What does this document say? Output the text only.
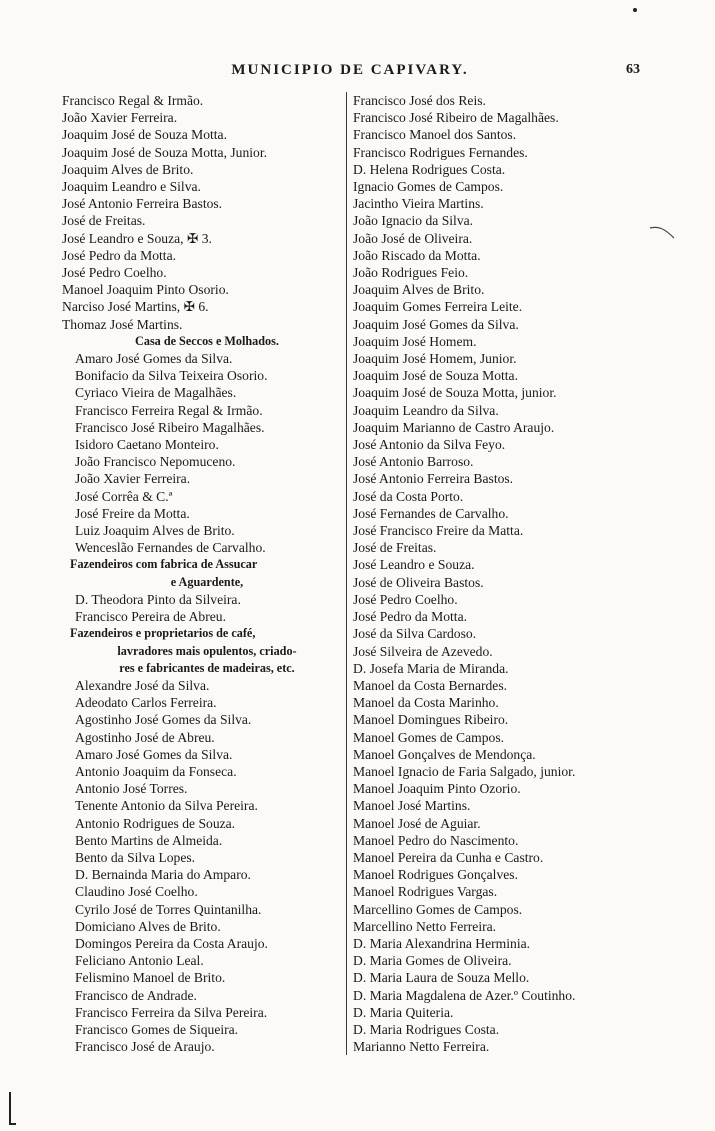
MUNICIPIO DE CAPIVARY.	63
Francisco Regal & Irmão.
João Xavier Ferreira.
Joaquim José de Souza Motta.
Joaquim José de Souza Motta, Junior.
Joaquim Alves de Brito.
Joaquim Leandro e Silva.
José Antonio Ferreira Bastos.
José de Freitas.
José Leandro e Souza, ✠ 3.
José Pedro da Motta.
José Pedro Coelho.
Manoel Joaquim Pinto Osorio.
Narciso José Martins, ✠ 6.
Thomaz José Martins.
Casa de Seccos e Molhados.
Amaro José Gomes da Silva.
Bonifacio da Silva Teixeira Osorio.
Cyriaco Vieira de Magalhães.
Francisco Ferreira Regal & Irmão.
Francisco José Ribeiro Magalhães.
Isidoro Caetano Monteiro.
João Francisco Nepomuceno.
João Xavier Ferreira.
José Corrêa & C.ª
José Freire da Motta.
Luiz Joaquim Alves de Brito.
Wenceslão Fernandes de Carvalho.
Fazendeiros com fabrica de Assucar
e Aguardente,
D. Theodora Pinto da Silveira.
Francisco Pereira de Abreu.
Fazendeiros e proprietarios de café,
lavradores mais opulentos, criado-
res e fabricantes de madeiras, etc.
Alexandre José da Silva.
Adeodato Carlos Ferreira.
Agostinho José Gomes da Silva.
Agostinho José de Abreu.
Amaro José Gomes da Silva.
Antonio Joaquim da Fonseca.
Antonio José Torres.
Tenente Antonio da Silva Pereira.
Antonio Rodrigues de Souza.
Bento Martins de Almeida.
Bento da Silva Lopes.
D. Bernainda Maria do Amparo.
Claudino José Coelho.
Cyrilo José de Torres Quintanilha.
Domiciano Alves de Brito.
Domingos Pereira da Costa Araujo.
Feliciano Antonio Leal.
Felismino Manoel de Brito.
Francisco de Andrade.
Francisco Ferreira da Silva Pereira.
Francisco Gomes de Siqueira.
Francisco José de Araujo.
Francisco José dos Reis.
Francisco José Ribeiro de Magalhães.
Francisco Manoel dos Santos.
Francisco Rodrigues Fernandes.
D. Helena Rodrigues Costa.
Ignacio Gomes de Campos.
Jacintho Vieira Martins.
João Ignacio da Silva.
João José de Oliveira.
João Riscado da Motta.
João Rodrigues Feio.
Joaquim Alves de Brito.
Joaquim Gomes Ferreira Leite.
Joaquim José Gomes da Silva.
Joaquim José Homem.
Joaquim José Homem, Junior.
Joaquim José de Souza Motta.
Joaquim José de Souza Motta, junior.
Joaquim Leandro da Silva.
Joaquim Marianno de Castro Araujo.
José Antonio da Silva Feyo.
José Antonio Barroso.
José Antonio Ferreira Bastos.
José da Costa Porto.
José Fernandes de Carvalho.
José Francisco Freire da Matta.
José de Freitas.
José Leandro e Souza.
José de Oliveira Bastos.
José Pedro Coelho.
José Pedro da Motta.
José da Silva Cardoso.
José Silveira de Azevedo.
D. Josefa Maria de Miranda.
Manoel da Costa Bernardes.
Manoel da Costa Marinho.
Manoel Domingues Ribeiro.
Manoel Gomes de Campos.
Manoel Gonçalves de Mendonça.
Manoel Ignacio de Faria Salgado, junior.
Manoel Joaquim Pinto Ozorio.
Manoel José Martins.
Manoel José de Aguiar.
Manoel Pedro do Nascimento.
Manoel Pereira da Cunha e Castro.
Manoel Rodrigues Gonçalves.
Manoel Rodrigues Vargas.
Marcellino Gomes de Campos.
Marcellino Netto Ferreira.
D. Maria Alexandrina Herminia.
D. Maria Gomes de Oliveira.
D. Maria Laura de Souza Mello.
D. Maria Magdalena de Azer.º Coutinho.
D. Maria Quiteria.
D. Maria Rodrigues Costa.
Marianno Netto Ferreira.
